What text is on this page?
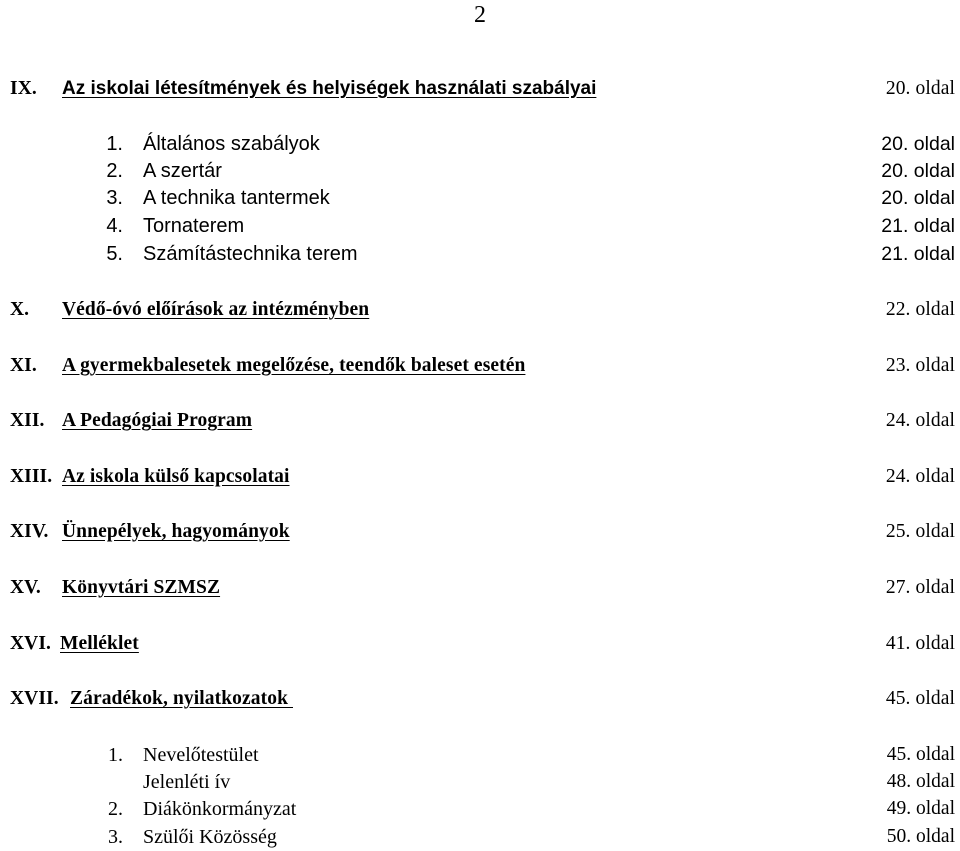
2
IX. Az iskolai létesítmények és helyiségek használati szabályai	20. oldal
1. Általános szabályok	20. oldal
2. A szertár	20. oldal
3. A technika tantermek	20. oldal
4. Tornaterem	21. oldal
5. Számítástechnika terem	21. oldal
X. Védő-óvó előírások az intézményben	22. oldal
XI. A gyermekbalesetek megelőzése, teendők baleset esetén	23. oldal
XII. A Pedagógiai Program	24. oldal
XIII. Az iskola külső kapcsolatai	24. oldal
XIV. Ünnepélyek, hagyományok	25. oldal
XV. Könyvtári SZMSZ	27. oldal
XVI. Melléklet	41. oldal
XVII. Záradékok, nyilatkozatok	45. oldal
1. Nevelőtestület	45. oldal
Jelenléti ív	48. oldal
2. Diákönkormányzat	49. oldal
3. Szülői Közösség	50. oldal
